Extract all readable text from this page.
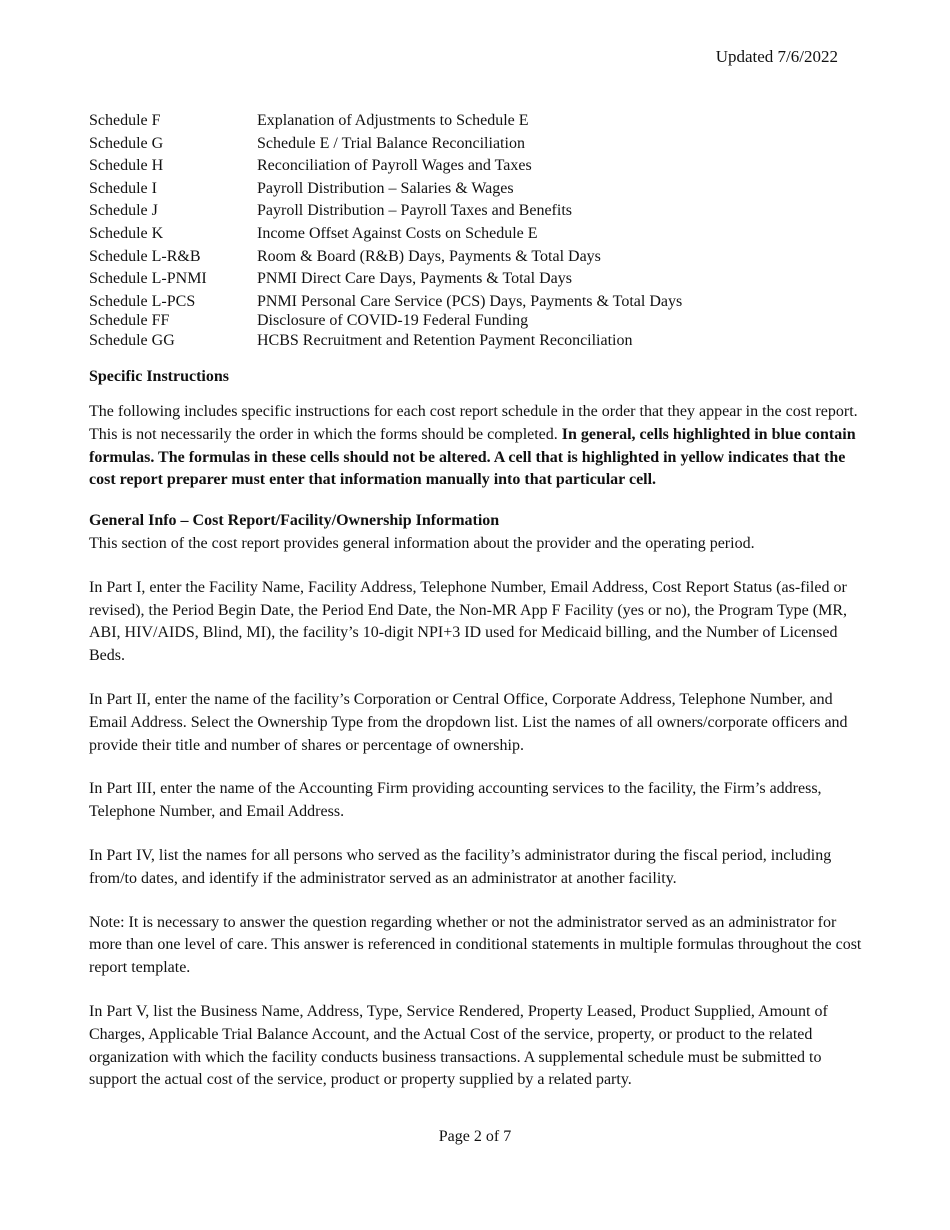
Updated 7/6/2022

Schedule F	Explanation of Adjustments to Schedule E
Schedule G	Schedule E / Trial Balance Reconciliation
Schedule H	Reconciliation of Payroll Wages and Taxes
Schedule I	Payroll Distribution – Salaries & Wages
Schedule J	Payroll Distribution – Payroll Taxes and Benefits
Schedule K	Income Offset Against Costs on Schedule E
Schedule L-R&B	Room & Board (R&B) Days, Payments & Total Days
Schedule L-PNMI	PNMI Direct Care Days, Payments & Total Days
Schedule L-PCS	PNMI Personal Care Service (PCS) Days, Payments & Total Days
Schedule FF	Disclosure of COVID-19 Federal Funding
Schedule GG	HCBS Recruitment and Retention Payment Reconciliation

Specific Instructions

The following includes specific instructions for each cost report schedule in the order that they appear in the cost report. This is not necessarily the order in which the forms should be completed. In general, cells highlighted in blue contain formulas. The formulas in these cells should not be altered. A cell that is highlighted in yellow indicates that the cost report preparer must enter that information manually into that particular cell.

General Info – Cost Report/Facility/Ownership Information

This section of the cost report provides general information about the provider and the operating period.

In Part I, enter the Facility Name, Facility Address, Telephone Number, Email Address, Cost Report Status (as-filed or revised), the Period Begin Date, the Period End Date, the Non-MR App F Facility (yes or no), the Program Type (MR, ABI, HIV/AIDS, Blind, MI), the facility’s 10-digit NPI+3 ID used for Medicaid billing, and the Number of Licensed Beds.

In Part II, enter the name of the facility’s Corporation or Central Office, Corporate Address, Telephone Number, and Email Address. Select the Ownership Type from the dropdown list. List the names of all owners/corporate officers and provide their title and number of shares or percentage of ownership.

In Part III, enter the name of the Accounting Firm providing accounting services to the facility, the Firm’s address, Telephone Number, and Email Address.

In Part IV, list the names for all persons who served as the facility’s administrator during the fiscal period, including from/to dates, and identify if the administrator served as an administrator at another facility.

Note: It is necessary to answer the question regarding whether or not the administrator served as an administrator for more than one level of care. This answer is referenced in conditional statements in multiple formulas throughout the cost report template.

In Part V, list the Business Name, Address, Type, Service Rendered, Property Leased, Product Supplied, Amount of Charges, Applicable Trial Balance Account, and the Actual Cost of the service, property, or product to the related organization with which the facility conducts business transactions. A supplemental schedule must be submitted to support the actual cost of the service, product or property supplied by a related party.

Page 2 of 7
